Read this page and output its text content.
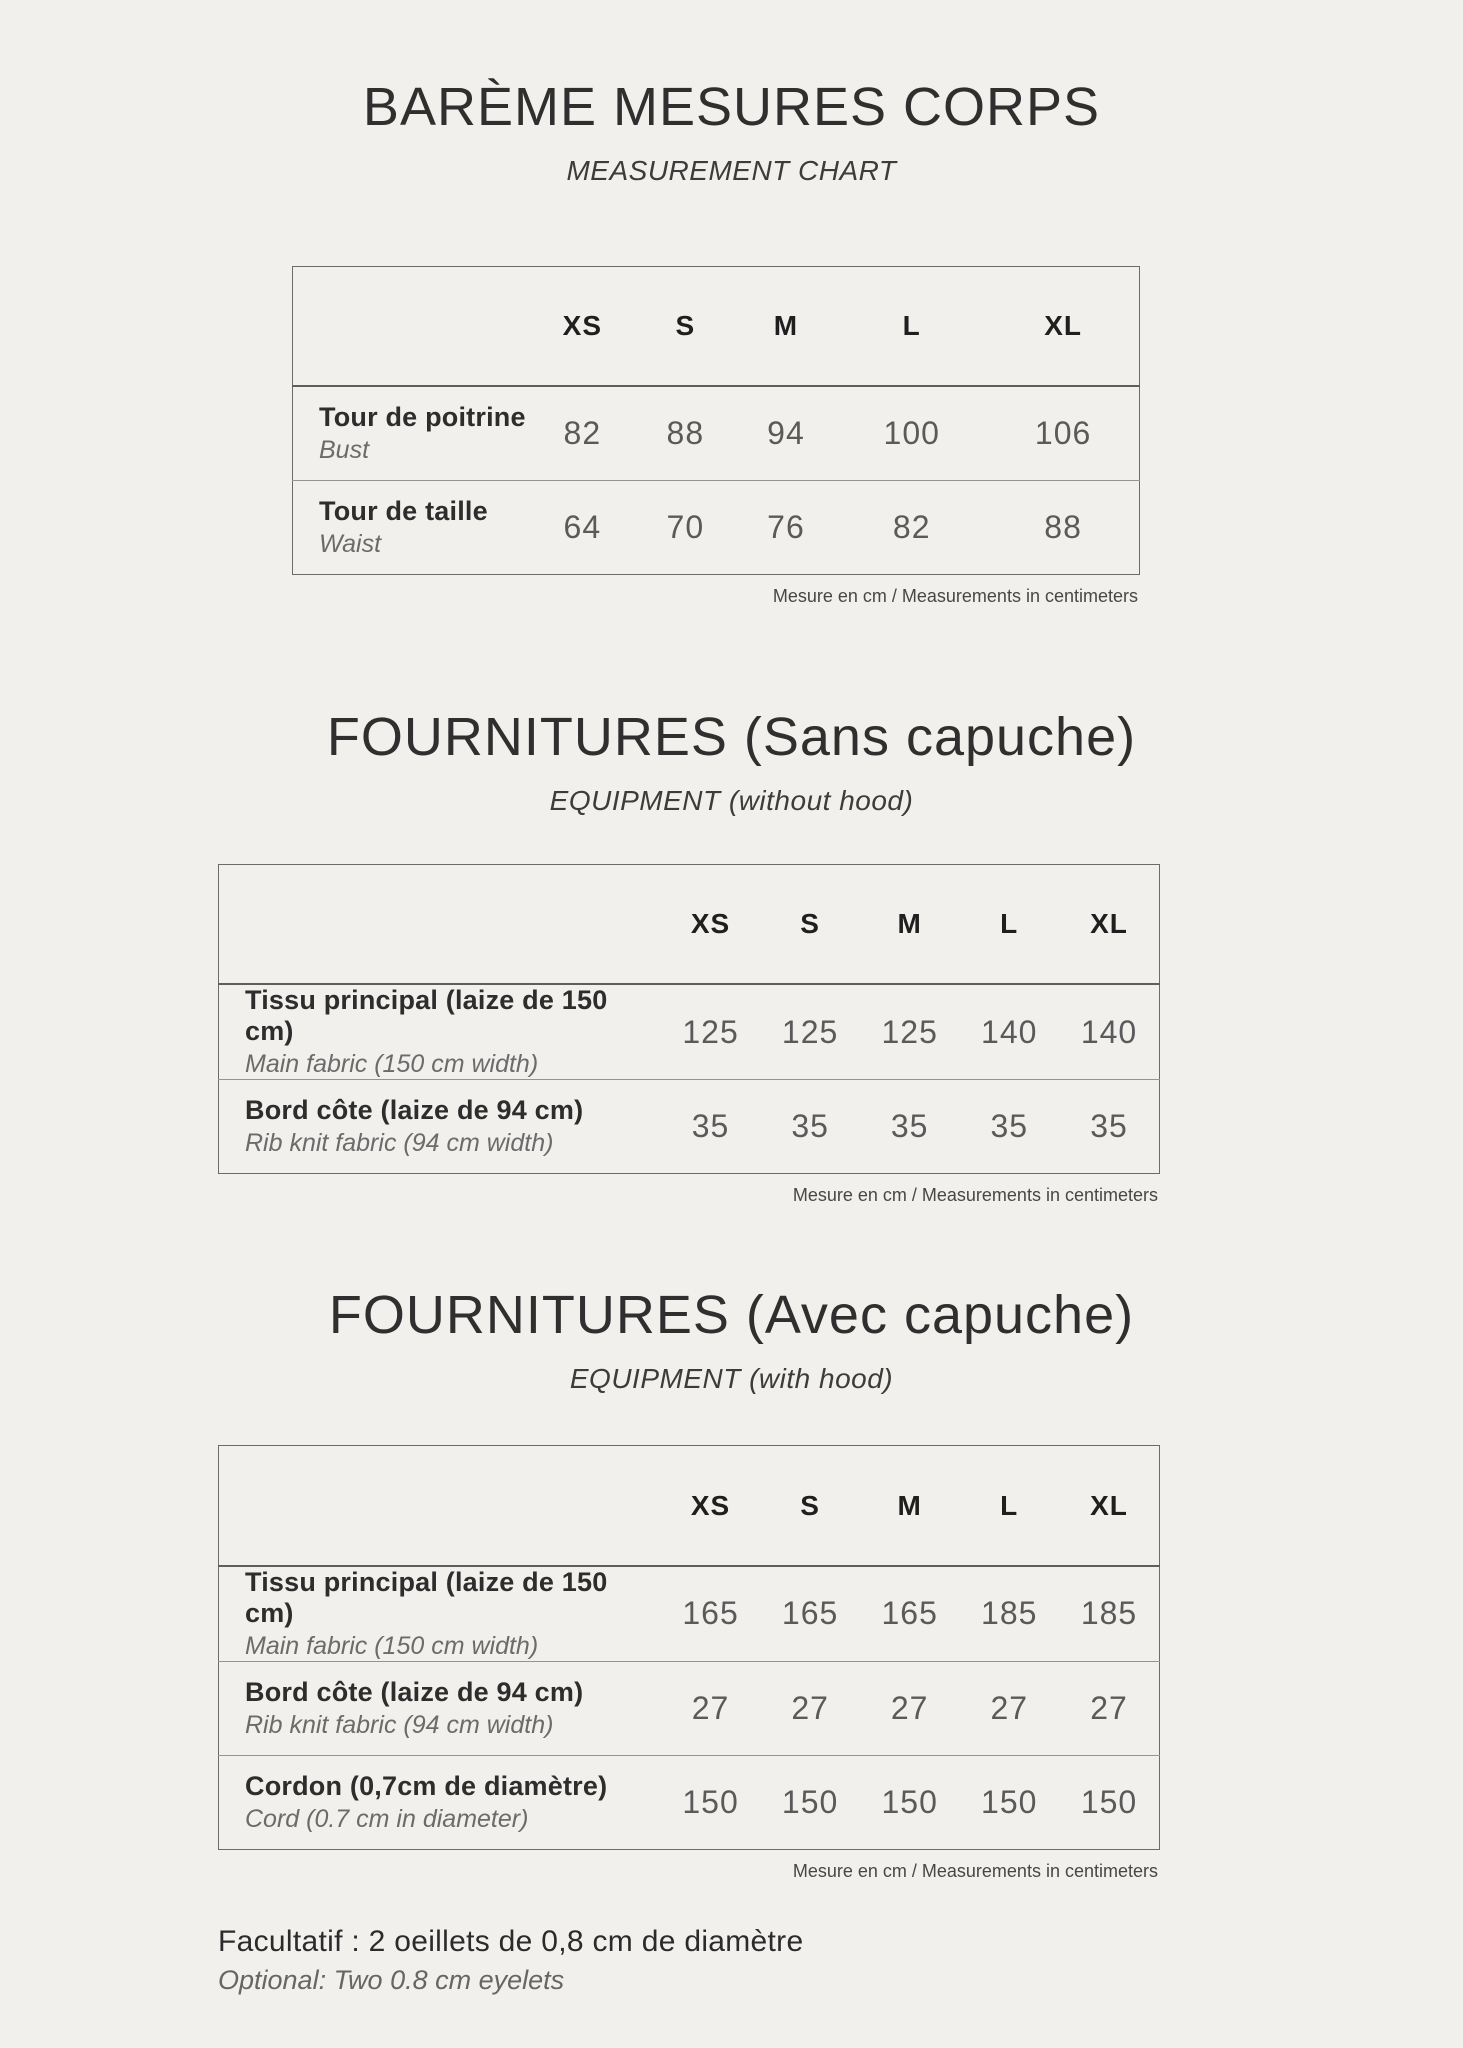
BARÈME MESURES CORPS
MEASUREMENT CHART
	XS	S	M	L	XL

Tour de poitrine
Bust	82	88	94	100	106

Tour de taille
Waist	64	70	76	82	88
Mesure en cm / Measurements in centimeters
FOURNITURES (Sans capuche)
EQUIPMENT (without hood)
	XS	S	M	L	XL

Tissu principal (laize de 150 cm)
Main fabric (150 cm width)	125	125	125	140	140

Bord côte (laize de 94 cm)
Rib knit fabric (94 cm width)	35	35	35	35	35
Mesure en cm / Measurements in centimeters
FOURNITURES (Avec capuche)
EQUIPMENT (with hood)
	XS	S	M	L	XL

Tissu principal (laize de 150 cm)
Main fabric (150 cm width)	165	165	165	185	185

Bord côte (laize de 94 cm)
Rib knit fabric (94 cm width)	27	27	27	27	27

Cordon (0,7cm de diamètre)
Cord (0.7 cm in diameter)	150	150	150	150	150
Mesure en cm / Measurements in centimeters
Facultatif : 2 oeillets de 0,8 cm de diamètre
Optional: Two 0.8 cm eyelets
